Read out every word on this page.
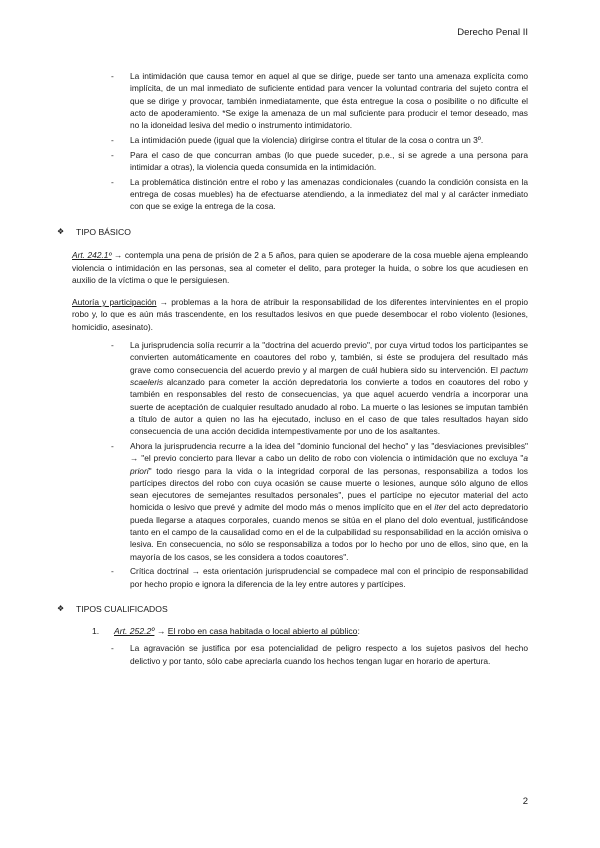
Derecho Penal II
- La intimidación que causa temor en aquel al que se dirige, puede ser tanto una amenaza explícita como implícita, de un mal inmediato de suficiente entidad para vencer la voluntad contraria del sujeto contra el que se dirige y provocar, también inmediatamente, que ésta entregue la cosa o posibilite o no dificulte el acto de apoderamiento. *Se exige la amenaza de un mal suficiente para producir el temor deseado, mas no la idoneidad lesiva del medio o instrumento intimidatorio.
- La intimidación puede (igual que la violencia) dirigirse contra el titular de la cosa o contra un 3º.
- Para el caso de que concurran ambas (lo que puede suceder, p.e., si se agrede a una persona para intimidar a otras), la violencia queda consumida en la intimidación.
- La problemática distinción entre el robo y las amenazas condicionales (cuando la condición consista en la entrega de cosas muebles) ha de efectuarse atendiendo, a la inmediatez del mal y al carácter inmediato con que se exige la entrega de la cosa.
❖ TIPO BÁSICO

Art. 242.1º → contempla una pena de prisión de 2 a 5 años, para quien se apoderare de la cosa mueble ajena empleando violencia o intimidación en las personas, sea al cometer el delito, para proteger la huida, o sobre los que acudiesen en auxilio de la víctima o que le persiguiesen.

Autoría y participación → problemas a la hora de atribuir la responsabilidad de los diferentes intervinientes en el propio robo y, lo que es aún más trascendente, en los resultados lesivos en que puede desembocar el robo violento (lesiones, homicidio, asesinato).

- La jurisprudencia solía recurrir a la "doctrina del acuerdo previo", por cuya virtud todos los participantes se convierten automáticamente en coautores del robo y, también, si éste se produjera del resultado más grave como consecuencia del acuerdo previo y al margen de cuál hubiera sido su intervención. El pactum scaeleris alcanzado para cometer la acción depredatoria los convierte a todos en coautores del robo y también en responsables del resto de consecuencias, ya que aquel acuerdo vendría a incorporar una suerte de aceptación de cualquier resultado anudado al robo. La muerte o las lesiones se imputan también a título de autor a quien no las ha ejecutado, incluso en el caso de que tales resultados hayan sido consecuencia de una acción decidida intempestivamente por uno de los asaltantes.
- Ahora la jurisprudencia recurre a la idea del "dominio funcional del hecho" y las "desviaciones previsibles" → "el previo concierto para llevar a cabo un delito de robo con violencia o intimidación que no excluya "a priori" todo riesgo para la vida o la integridad corporal de las personas, responsabiliza a todos los partícipes directos del robo con cuya ocasión se cause muerte o lesiones, aunque sólo alguno de ellos sean ejecutores de semejantes resultados personales", pues el partícipe no ejecutor material del acto homicida o lesivo que prevé y admite del modo más o menos implícito que en el iter del acto depredatorio pueda llegarse a ataques corporales, cuando menos se sitúa en el plano del dolo eventual, justificándose tanto en el campo de la causalidad como en el de la culpabilidad su responsabilidad en la acción omisiva o lesiva. En consecuencia, no sólo se responsabiliza a todos por lo hecho por uno de ellos, sino que, en la mayoría de los casos, se les considera a todos coautores".
- Crítica doctrinal → esta orientación jurisprudencial se compadece mal con el principio de responsabilidad por hecho propio e ignora la diferencia de la ley entre autores y partícipes.
❖ TIPOS CUALIFICADOS
1. Art. 252.2º → El robo en casa habitada o local abierto al público:
- La agravación se justifica por esa potencialidad de peligro respecto a los sujetos pasivos del hecho delictivo y por tanto, sólo cabe apreciarla cuando los hechos tengan lugar en horario de apertura.
2
